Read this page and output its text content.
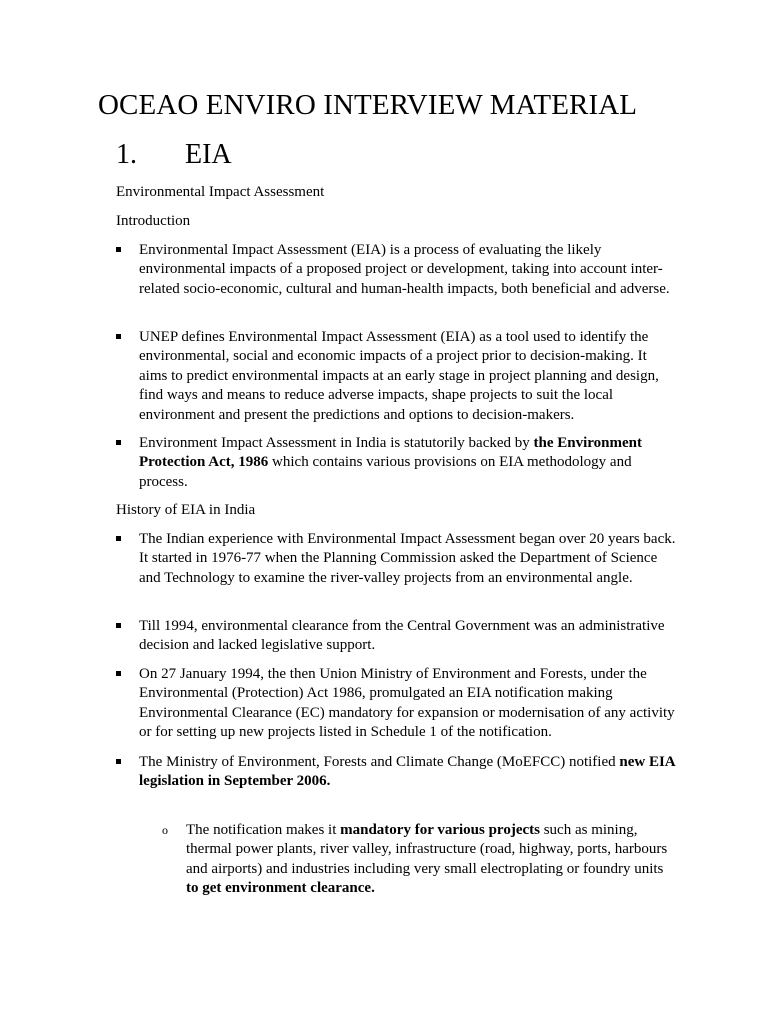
OCEAO ENVIRO INTERVIEW MATERIAL
1. EIA

Environmental Impact Assessment

Introduction

Environmental Impact Assessment (EIA) is a process of evaluating the likely environmental impacts of a proposed project or development, taking into account inter-related socio-economic, cultural and human-health impacts, both beneficial and adverse.
UNEP defines Environmental Impact Assessment (EIA) as a tool used to identify the environmental, social and economic impacts of a project prior to decision-making. It aims to predict environmental impacts at an early stage in project planning and design, find ways and means to reduce adverse impacts, shape projects to suit the local environment and present the predictions and options to decision-makers.
Environment Impact Assessment in India is statutorily backed by the Environment Protection Act, 1986 which contains various provisions on EIA methodology and process.

History of EIA in India

The Indian experience with Environmental Impact Assessment began over 20 years back. It started in 1976-77 when the Planning Commission asked the Department of Science and Technology to examine the river-valley projects from an environmental angle.
Till 1994, environmental clearance from the Central Government was an administrative decision and lacked legislative support.
On 27 January 1994, the then Union Ministry of Environment and Forests, under the Environmental (Protection) Act 1986, promulgated an EIA notification making Environmental Clearance (EC) mandatory for expansion or modernisation of any activity or for setting up new projects listed in Schedule 1 of the notification.
The Ministry of Environment, Forests and Climate Change (MoEFCC) notified new EIA legislation in September 2006.
o The notification makes it mandatory for various projects such as mining, thermal power plants, river valley, infrastructure (road, highway, ports, harbours and airports) and industries including very small electroplating or foundry units to get environment clearance.
